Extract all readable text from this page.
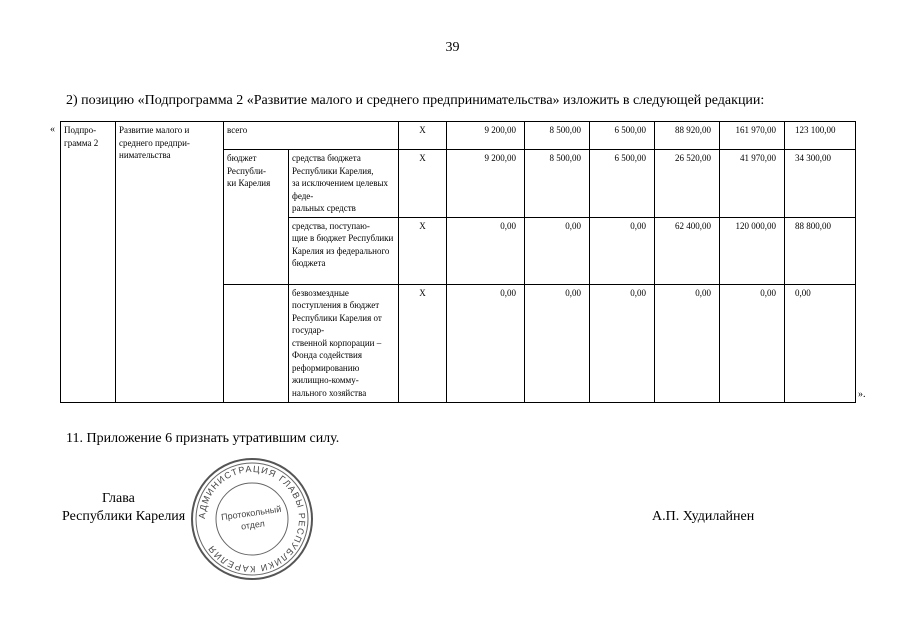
39
2) позицию «Подпрограмма 2 «Развитие малого и среднего предпринимательства» изложить в следующей редакции:
« Подпро-
грамма 2	Развитие малого и среднего предпри-
нимательства	всего		Х	9 200,00	8 500,00	6 500,00	88 920,00	161 970,00	123 100,00
		бюджет Республи-
ки Карелия	средства бюджета Республики Карелия,
за исключением целевых феде-
ральных средств	Х	9 200,00	8 500,00	6 500,00	26 520,00	41 970,00	34 300,00
			средства, поступаю-
щие в бюджет Республики Карелия из федерального бюджета	Х	0,00	0,00	0,00	62 400,00	120 000,00	88 800,00
			безвозмездные поступления в бюджет Республики Карелия от государ-
ственной корпорации – Фонда содействия реформированию жилищно-комму-
нального хозяйства	Х	0,00	0,00	0,00	0,00	0,00	0,00
».
11. Приложение 6 признать утратившим силу.
Глава
Республики Карелия	А.П. Худилайнен
АДМИНИСТРАЦИЯ ГЛАВЫ РЕСПУБЛИКИ КАРЕЛИЯ
Протокольный
отдел
